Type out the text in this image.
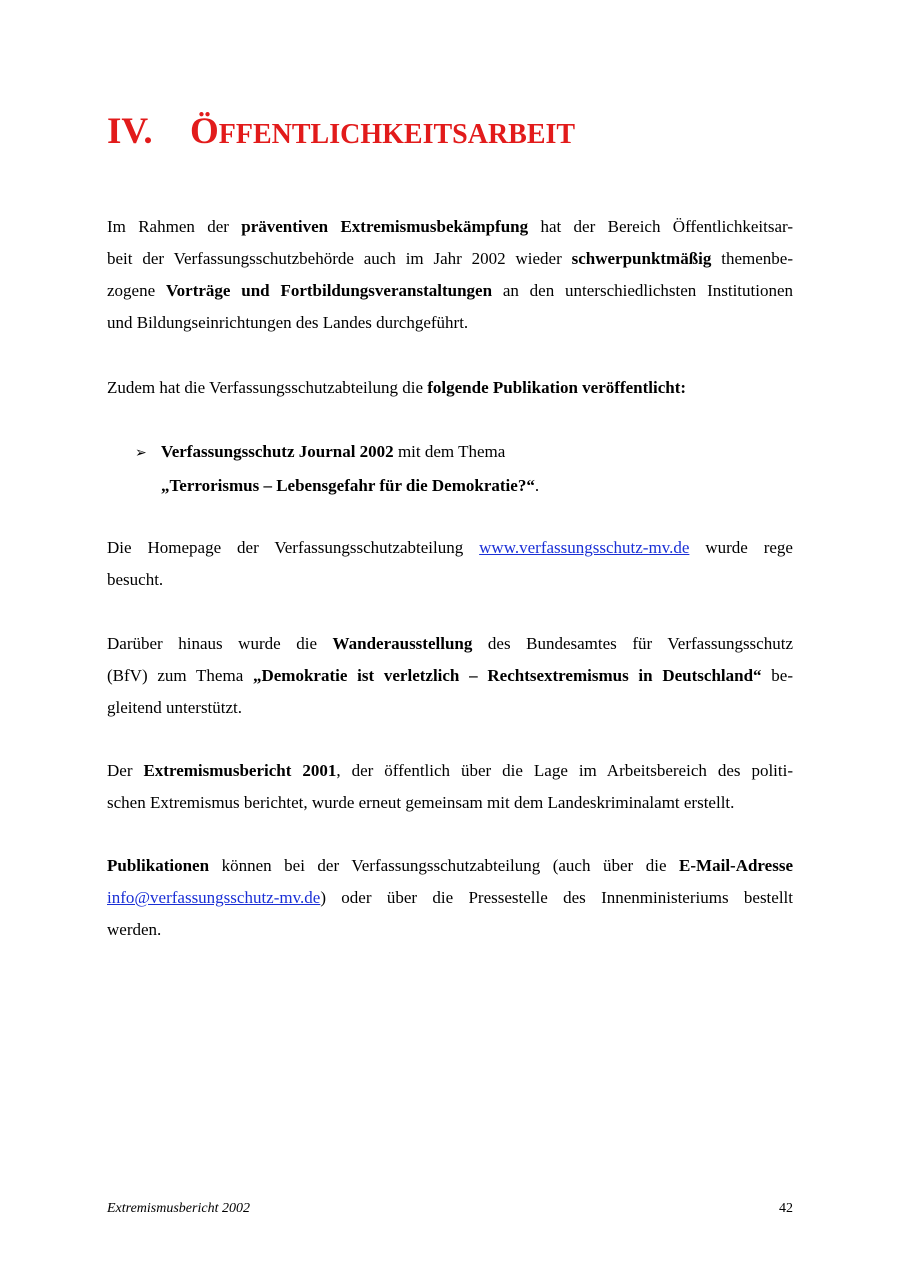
IV. ÖFFENTLICHKEITSARBEIT
Im Rahmen der präventiven Extremismusbekämpfung hat der Bereich Öffentlichkeitsar-
beit der Verfassungsschutzbehörde auch im Jahr 2002 wieder schwerpunktmäßig themenbe-
zogene Vorträge und Fortbildungsveranstaltungen an den unterschiedlichsten Institutionen
und Bildungseinrichtungen des Landes durchgeführt.
Zudem hat die Verfassungsschutzabteilung die folgende Publikation veröffentlicht:
➢ Verfassungsschutz Journal 2002 mit dem Thema
„Terrorismus – Lebensgefahr für die Demokratie?“.
Die Homepage der Verfassungsschutzabteilung www.verfassungsschutz-mv.de wurde rege
besucht.
Darüber hinaus wurde die Wanderausstellung des Bundesamtes für Verfassungsschutz
(BfV) zum Thema „Demokratie ist verletzlich – Rechtsextremismus in Deutschland“ be-
gleitend unterstützt.
Der Extremismusbericht 2001, der öffentlich über die Lage im Arbeitsbereich des politi-
schen Extremismus berichtet, wurde erneut gemeinsam mit dem Landeskriminalamt erstellt.
Publikationen können bei der Verfassungsschutzabteilung (auch über die E-Mail-Adresse
info@verfassungsschutz-mv.de) oder über die Pressestelle des Innenministeriums bestellt
werden.
Extremismusbericht 2002	42
